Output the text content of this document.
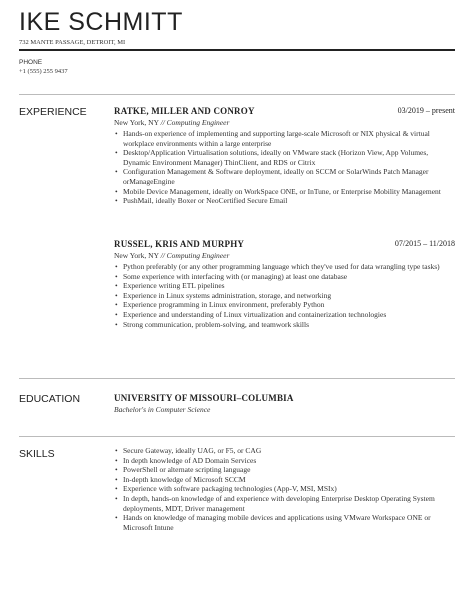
IKE SCHMITT
732 MANTE PASSAGE, DETROIT, MI
PHONE
+1 (555) 255 9437
EXPERIENCE	RATKE, MILLER AND CONROY	03/2019 – present
New York, NY // Computing Engineer
• Hands-on experience of implementing and supporting large-scale Microsoft or NIX physical & virtual workplace environments within a large enterprise
• Desktop/Application Virtualisation solutions, ideally on VMware stack (Horizon View, App Volumes, Dynamic Environment Manager) ThinClient, and RDS or Citrix
• Configuration Management & Software deployment, ideally on SCCM or SolarWinds Patch Manager orManageEngine
• Mobile Device Management, ideally on WorkSpace ONE, or InTune, or Enterprise Mobility Management
• PushMail, ideally Boxer or NeoCertified Secure Email
RUSSEL, KRIS AND MURPHY	07/2015 – 11/2018
New York, NY // Computing Engineer
• Python preferably (or any other programming language which they've used for data wrangling type tasks)
• Some experience with interfacing with (or managing) at least one database
• Experience writing ETL pipelines
• Experience in Linux systems administration, storage, and networking
• Experience programming in Linux environment, preferably Python
• Experience and understanding of Linux virtualization and containerization technologies
• Strong communication, problem-solving, and teamwork skills
EDUCATION	UNIVERSITY OF MISSOURI–COLUMBIA
Bachelor's in Computer Science
SKILLS
•	Secure Gateway, ideally UAG, or F5, or CAG
• In depth knowledge of AD Domain Services
• PowerShell or alternate scripting language
• In-depth knowledge of Microsoft SCCM
• Experience with software packaging technologies (App-V, MSI, MSIx)
• In depth, hands-on knowledge of and experience with developing Enterprise Desktop Operating System deployments, MDT, Driver management
• Hands on knowledge of managing mobile devices and applications using VMware Workspace ONE or Microsoft Intune
